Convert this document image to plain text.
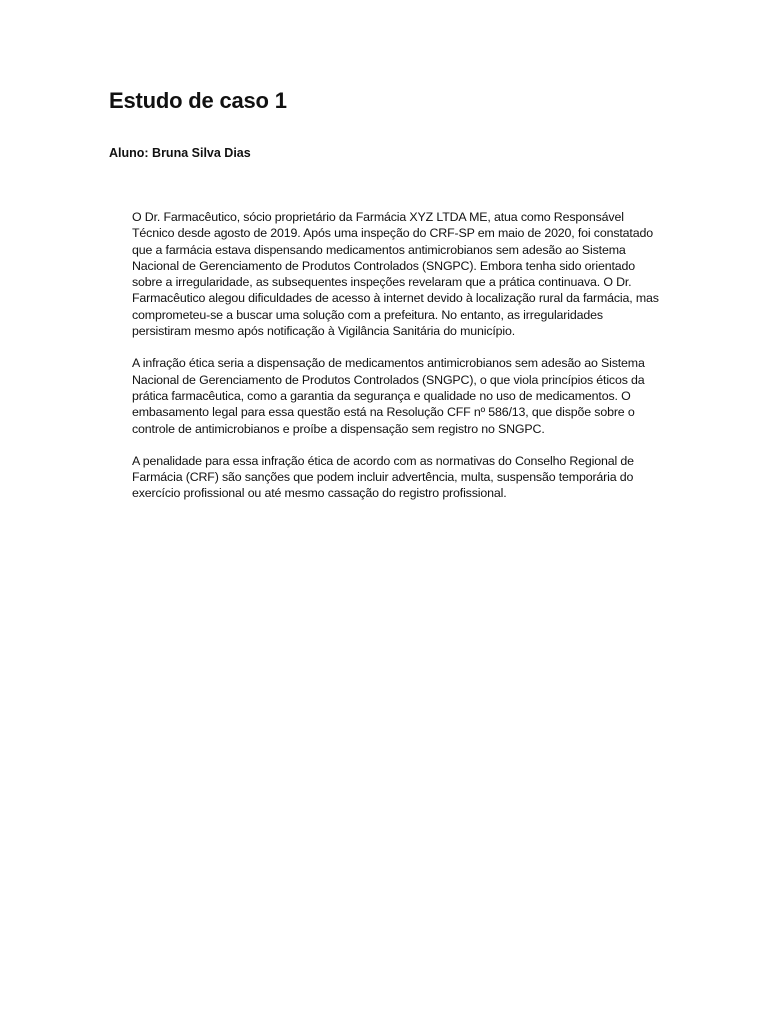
Estudo de caso 1

Aluno: Bruna Silva Dias

O Dr. Farmacêutico, sócio proprietário da Farmácia XYZ LTDA ME, atua como Responsável Técnico desde agosto de 2019. Após uma inspeção do CRF-SP em maio de 2020, foi constatado que a farmácia estava dispensando medicamentos antimicrobianos sem adesão ao Sistema Nacional de Gerenciamento de Produtos Controlados (SNGPC). Embora tenha sido orientado sobre a irregularidade, as subsequentes inspeções revelaram que a prática continuava. O Dr. Farmacêutico alegou dificuldades de acesso à internet devido à localização rural da farmácia, mas comprometeu-se a buscar uma solução com a prefeitura. No entanto, as irregularidades persistiram mesmo após notificação à Vigilância Sanitária do município.

A infração ética seria a dispensação de medicamentos antimicrobianos sem adesão ao Sistema Nacional de Gerenciamento de Produtos Controlados (SNGPC), o que viola princípios éticos da prática farmacêutica, como a garantia da segurança e qualidade no uso de medicamentos. O embasamento legal para essa questão está na Resolução CFF nº 586/13, que dispõe sobre o controle de antimicrobianos e proíbe a dispensação sem registro no SNGPC.

A penalidade para essa infração ética de acordo com as normativas do Conselho Regional de Farmácia (CRF) são sanções que podem incluir advertência, multa, suspensão temporária do exercício profissional ou até mesmo cassação do registro profissional.
